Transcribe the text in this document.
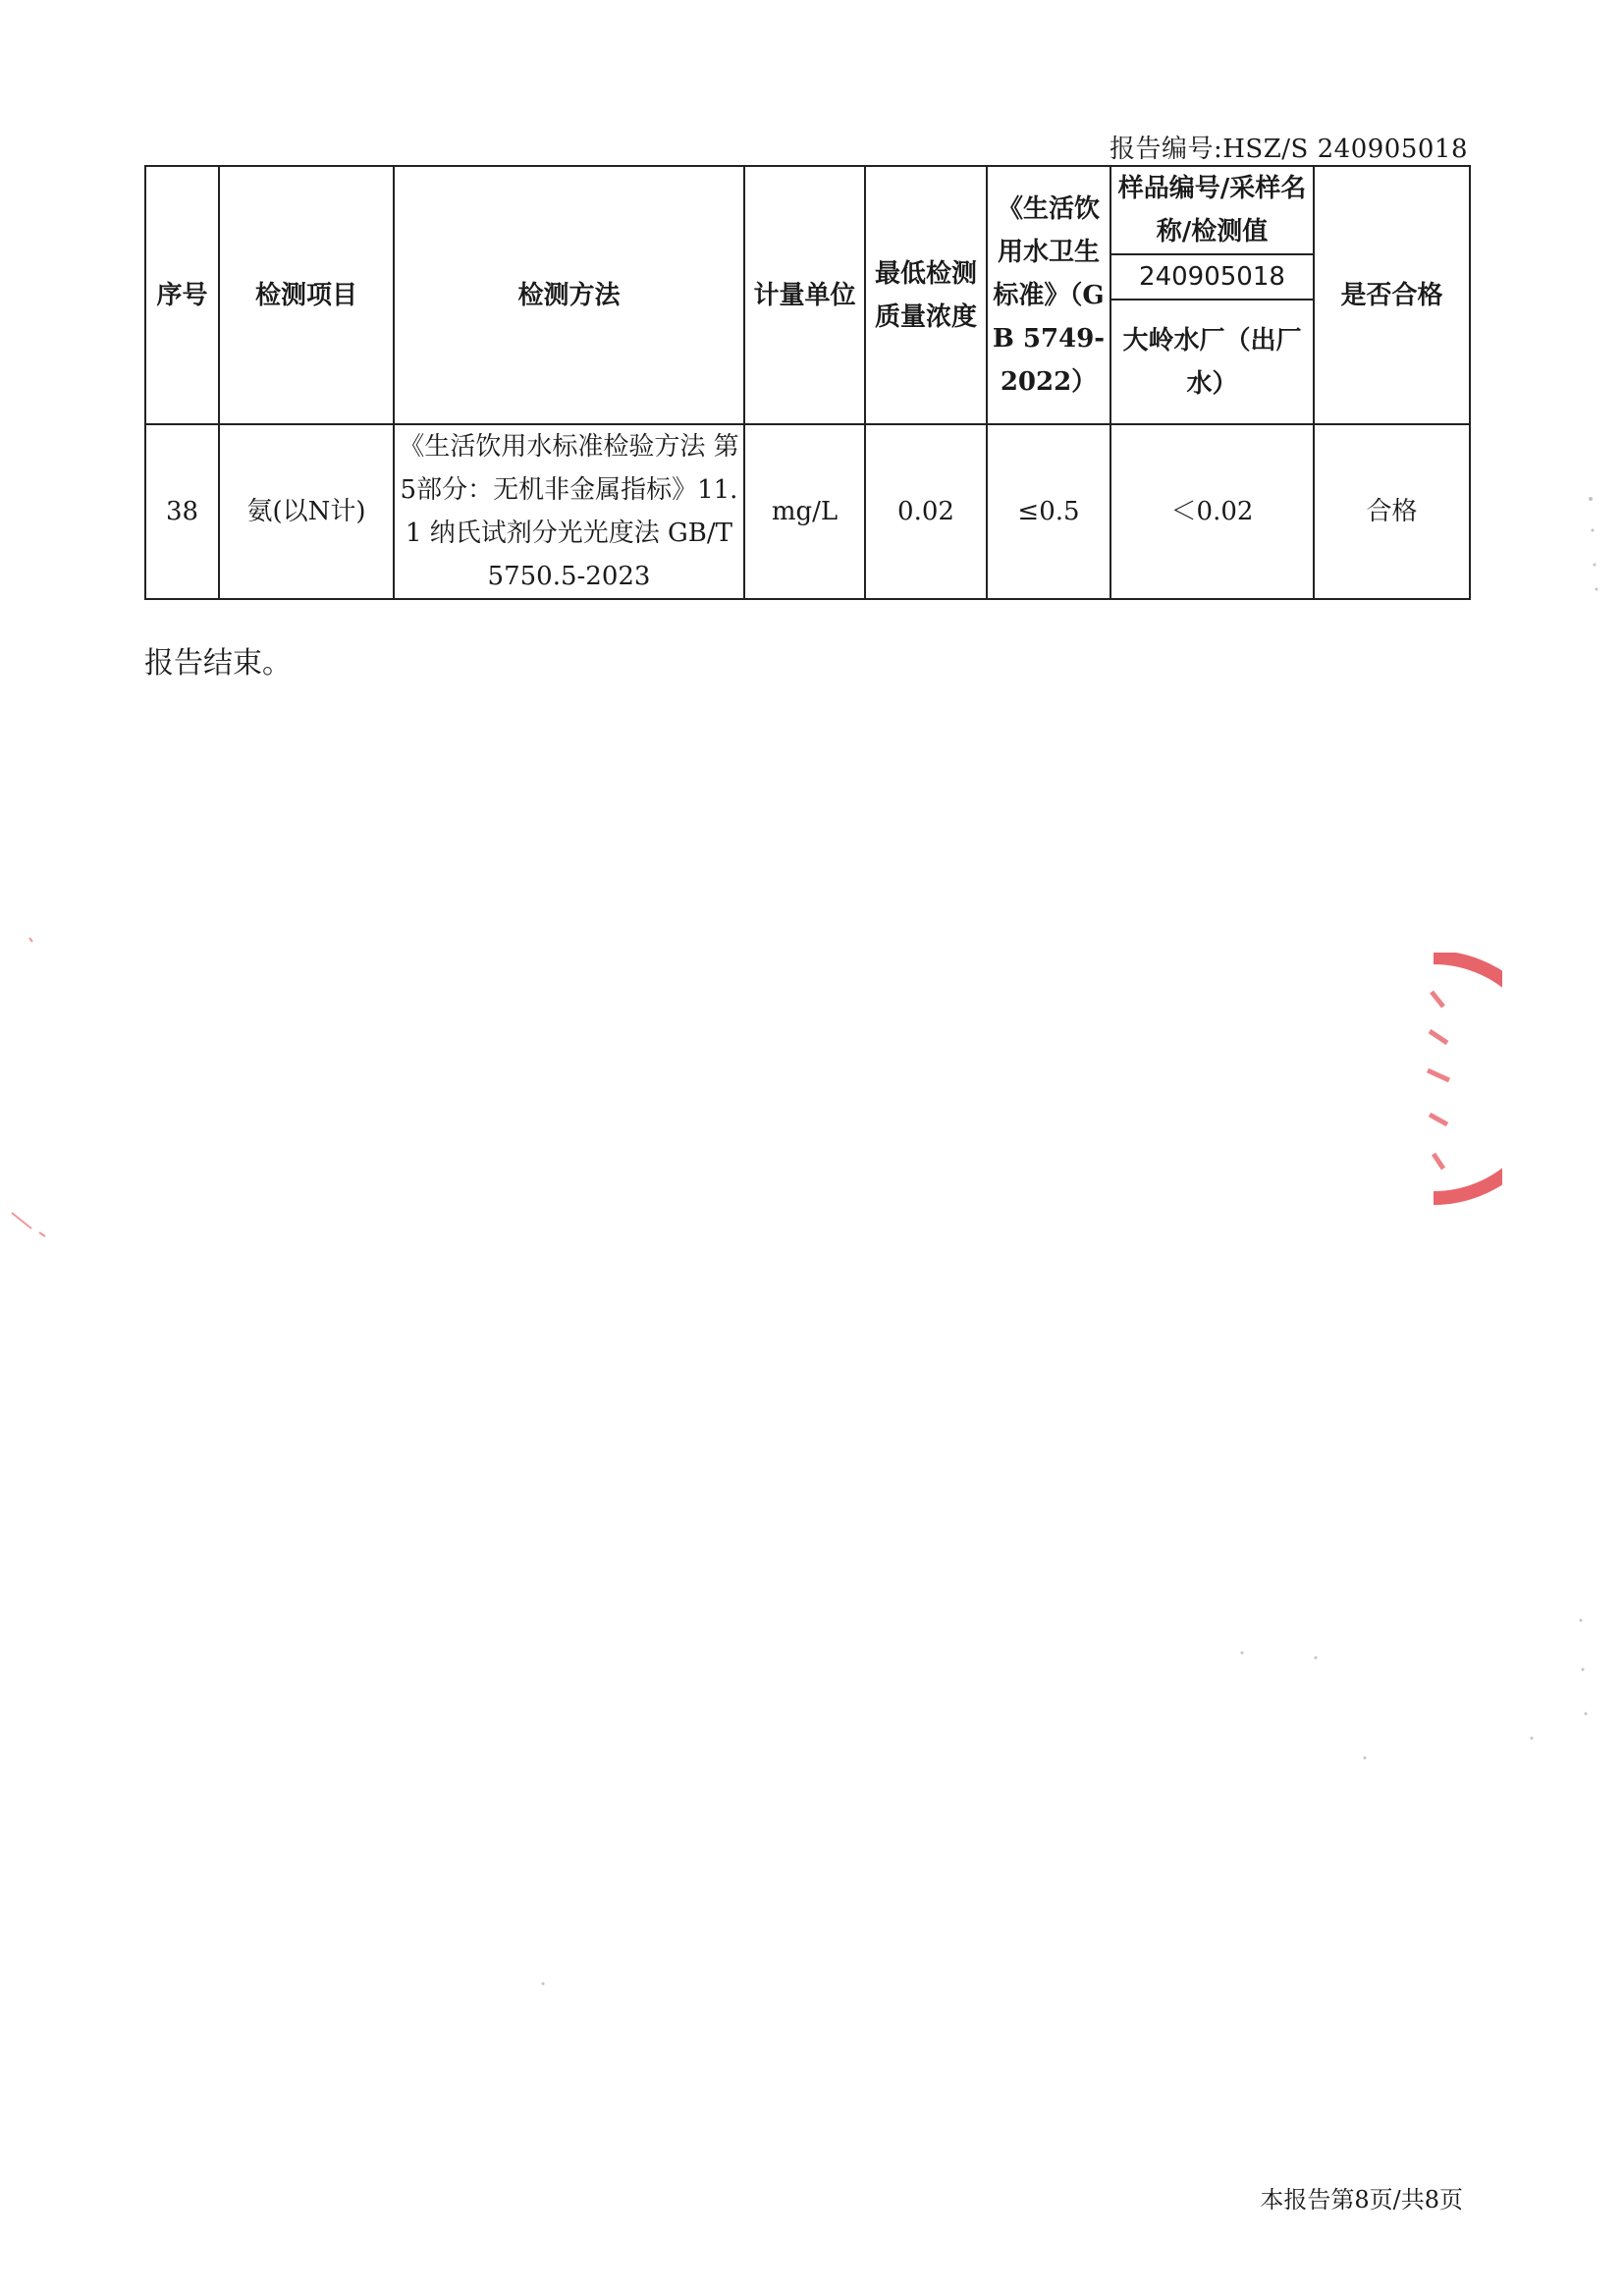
报告编号:HSZ/S 240905018
序号	检测项目	检测方法	计量单位	最低检测质量浓度	《生活饮用水卫生标准》（GB 5749-2022）	样品编号/采样名称/检测值	是否合格
						240905018	
						大岭水厂（出厂水）	
38	氨(以N计)	《生活饮用水标准检验方法 第5部分：无机非金属指标》11.1 纳氏试剂分光光度法 GB/T 5750.5-2023	mg/L	0.02	≤0.5	＜0.02	合格
报告结束。
本报告第8页/共8页
